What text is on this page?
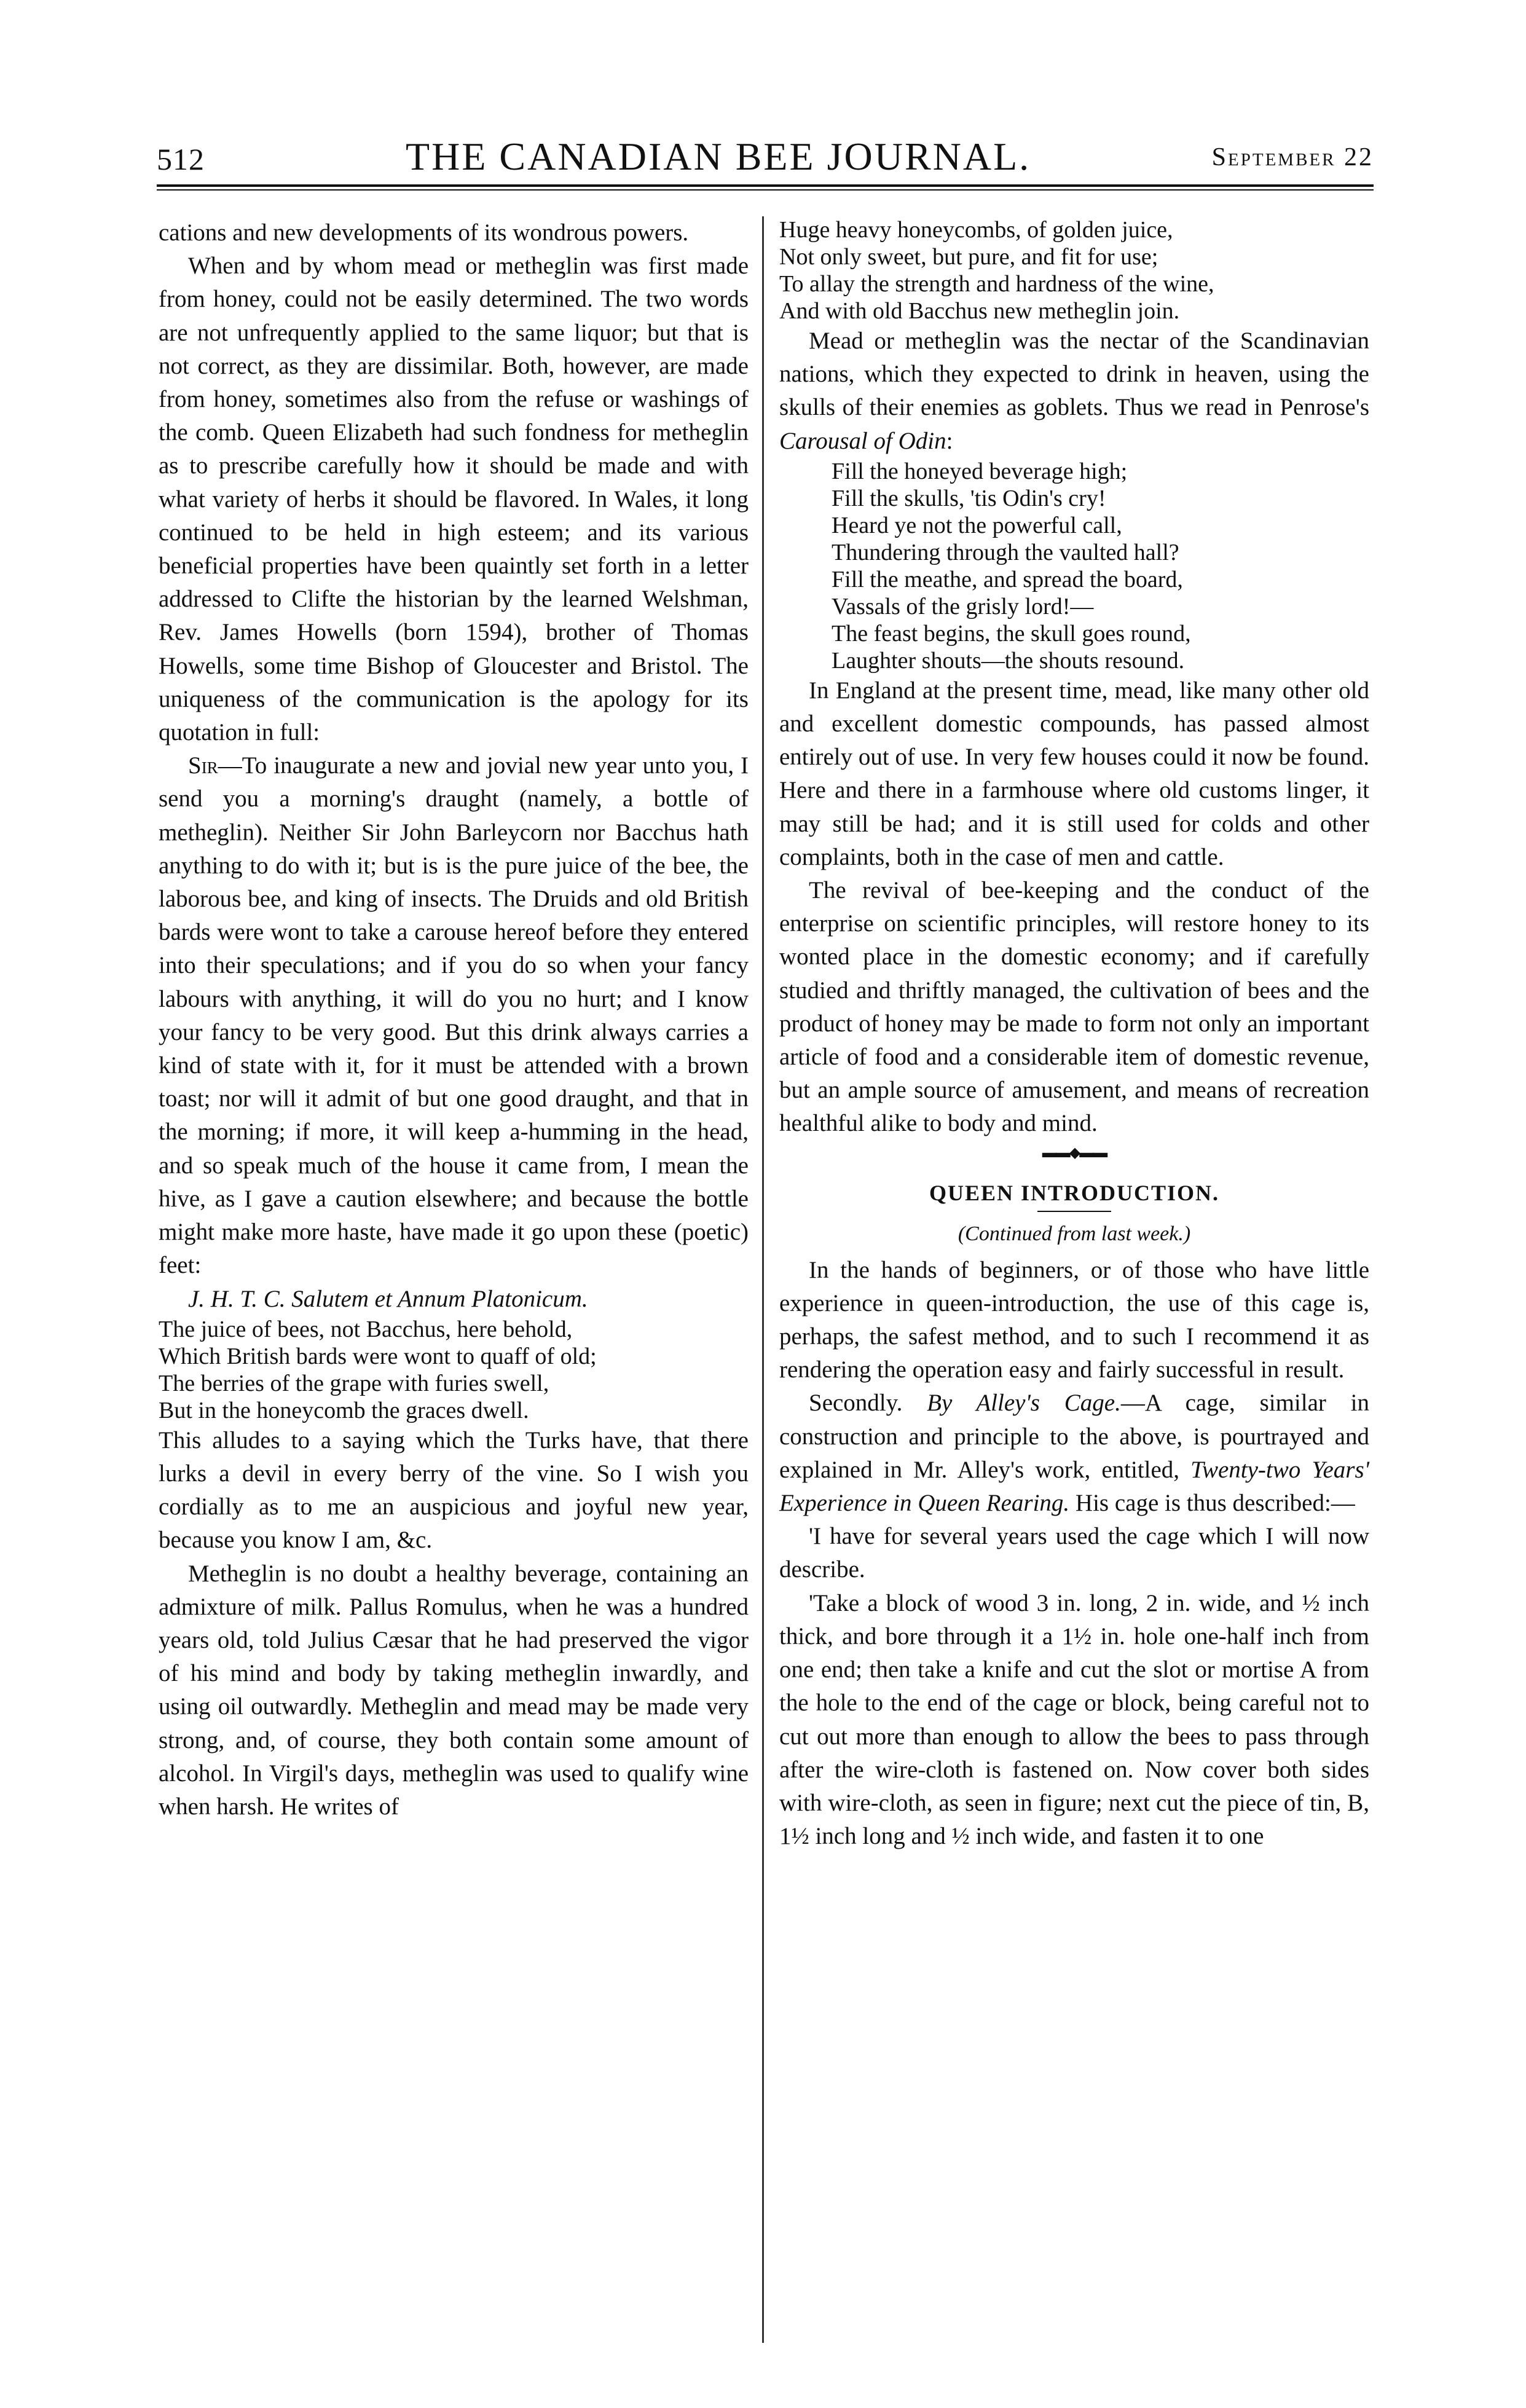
512	THE CANADIAN BEE JOURNAL.	September 22

cations and new developments of its wondrous powers.

When and by whom mead or metheglin was first made from honey, could not be easily determined. The two words are not unfrequently applied to the same liquor; but that is not correct, as they are dissimilar. Both, however, are made from honey, sometimes also from the refuse or washings of the comb. Queen Elizabeth had such fondness for metheglin as to prescribe carefully how it should be made and with what variety of herbs it should be flavored. In Wales, it long continued to be held in high esteem; and its various beneficial properties have been quaintly set forth in a letter addressed to Clifte the historian by the learned Welshman, Rev. James Howells (born 1594), brother of Thomas Howells, some time Bishop of Gloucester and Bristol. The uniqueness of the communication is the apology for its quotation in full:

Sir—To inaugurate a new and jovial new year unto you, I send you a morning's draught (namely, a bottle of metheglin). Neither Sir John Barleycorn nor Bacchus hath anything to do with it; but is is the pure juice of the bee, the laborous bee, and king of insects. The Druids and old British bards were wont to take a carouse hereof before they entered into their speculations; and if you do so when your fancy labours with anything, it will do you no hurt; and I know your fancy to be very good. But this drink always carries a kind of state with it, for it must be attended with a brown toast; nor will it admit of but one good draught, and that in the morning; if more, it will keep a-humming in the head, and so speak much of the house it came from, I mean the hive, as I gave a caution elsewhere; and because the bottle might make more haste, have made it go upon these (poetic) feet:

J. H. T. C. Salutem et Annum Platonicum.

The juice of bees, not Bacchus, here behold,
Which British bards were wont to quaff of old;
The berries of the grape with furies swell,
But in the honeycomb the graces dwell.

This alludes to a saying which the Turks have, that there lurks a devil in every berry of the vine. So I wish you cordially as to me an auspicious and joyful new year, because you know I am, &c.

Metheglin is no doubt a healthy beverage, containing an admixture of milk. Pallus Romulus, when he was a hundred years old, told Julius Cæsar that he had preserved the vigor of his mind and body by taking metheglin inwardly, and using oil outwardly. Metheglin and mead may be made very strong, and, of course, they both contain some amount of alcohol. In Virgil's days, metheglin was used to qualify wine when harsh. He writes of

Huge heavy honeycombs, of golden juice,
Not only sweet, but pure, and fit for use;
To allay the strength and hardness of the wine,
And with old Bacchus new metheglin join.

Mead or metheglin was the nectar of the Scandinavian nations, which they expected to drink in heaven, using the skulls of their enemies as goblets. Thus we read in Penrose's Carousal of Odin:

Fill the honeyed beverage high;
Fill the skulls, 'tis Odin's cry!
Heard ye not the powerful call,
Thundering through the vaulted hall?
Fill the meathe, and spread the board,
Vassals of the grisly lord!—
The feast begins, the skull goes round,
Laughter shouts—the shouts resound.

In England at the present time, mead, like many other old and excellent domestic compounds, has passed almost entirely out of use. In very few houses could it now be found. Here and there in a farmhouse where old customs linger, it may still be had; and it is still used for colds and other complaints, both in the case of men and cattle.

The revival of bee-keeping and the conduct of the enterprise on scientific principles, will restore honey to its wonted place in the domestic economy; and if carefully studied and thriftly managed, the cultivation of bees and the product of honey may be made to form not only an important article of food and a considerable item of domestic revenue, but an ample source of amusement, and means of recreation healthful alike to body and mind.

▬▬◆▬▬
QUEEN INTRODUCTION.
(Continued from last week.)

In the hands of beginners, or of those who have little experience in queen-introduction, the use of this cage is, perhaps, the safest method, and to such I recommend it as rendering the operation easy and fairly successful in result.

Secondly. By Alley's Cage.—A cage, similar in construction and principle to the above, is pourtrayed and explained in Mr. Alley's work, entitled, Twenty-two Years' Experience in Queen Rearing. His cage is thus described:—

'I have for several years used the cage which I will now describe.

'Take a block of wood 3 in. long, 2 in. wide, and ½ inch thick, and bore through it a 1½ in. hole one-half inch from one end; then take a knife and cut the slot or mortise A from the hole to the end of the cage or block, being careful not to cut out more than enough to allow the bees to pass through after the wire-cloth is fastened on. Now cover both sides with wire-cloth, as seen in figure; next cut the piece of tin, B, 1½ inch long and ½ inch wide, and fasten it to one
